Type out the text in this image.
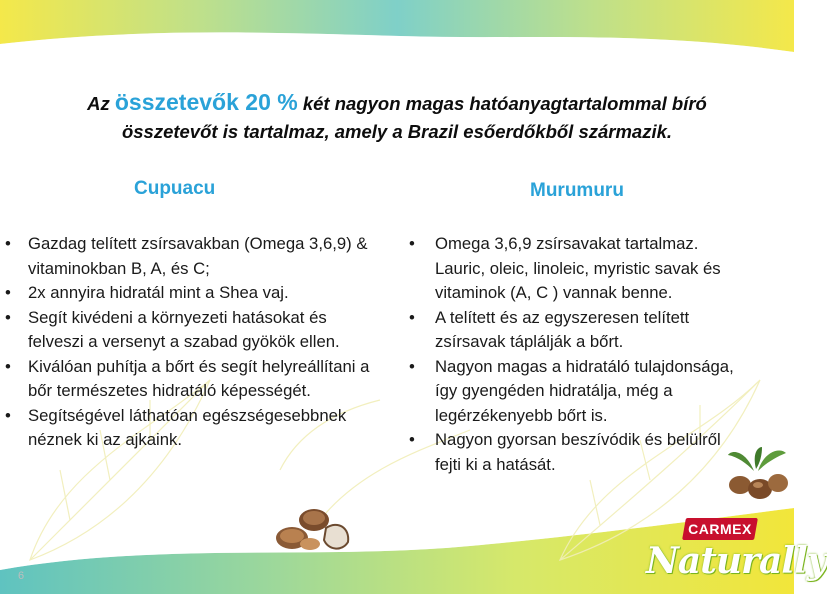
Az összetevők 20 % két nagyon magas hatóanyagtartalommal bíró
összetevőt is tartalmaz, amely a Brazil esőerdőkből származik.
Cupuacu	Murumuru
• Gazdag telített zsírsavakban (Omega 3,6,9) & vitaminokban B, A, és C;
• 2x annyira hidratál mint a Shea vaj.
• Segít kivédeni a környezeti hatásokat és felveszi a versenyt a szabad gyökök ellen.
• Kiválóan puhítja a bőrt és segít helyreállítani a bőr természetes hidratáló képességét.
• Segítségével láthatóan egészségesebbnek néznek ki az ajkaink.
• Omega 3,6,9 zsírsavakat tartalmaz. Lauric, oleic, linoleic, myristic savak és vitaminok (A, C ) vannak benne.
• A telített és az egyszeresen telített zsírsavak táplálják a bőrt.
• Nagyon magas a hidratáló tulajdonsága, így gyengéden hidratálja, még a legérzékenyebb bőrt is.
• Nagyon gyorsan beszívódik és belülről fejti ki a hatását.
CARMEX
Naturally
6
